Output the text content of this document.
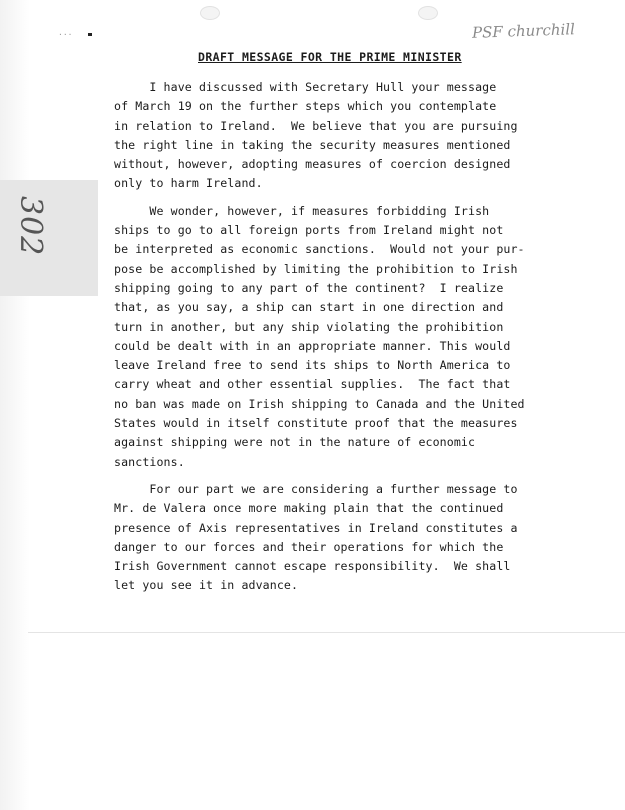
...
302
PSF churchill
DRAFT MESSAGE FOR THE PRIME MINISTER

I have discussed with Secretary Hull your message
of March 19 on the further steps which you contemplate
in relation to Ireland.  We believe that you are pursuing
the right line in taking the security measures mentioned
without, however, adopting measures of coercion designed
only to harm Ireland.

We wonder, however, if measures forbidding Irish
ships to go to all foreign ports from Ireland might not
be interpreted as economic sanctions.  Would not your pur-
pose be accomplished by limiting the prohibition to Irish
shipping going to any part of the continent?  I realize
that, as you say, a ship can start in one direction and
turn in another, but any ship violating the prohibition
could be dealt with in an appropriate manner. This would
leave Ireland free to send its ships to North America to
carry wheat and other essential supplies.  The fact that
no ban was made on Irish shipping to Canada and the United
States would in itself constitute proof that the measures
against shipping were not in the nature of economic
sanctions.

For our part we are considering a further message to
Mr. de Valera once more making plain that the continued
presence of Axis representatives in Ireland constitutes a
danger to our forces and their operations for which the
Irish Government cannot escape responsibility.  We shall
let you see it in advance.
